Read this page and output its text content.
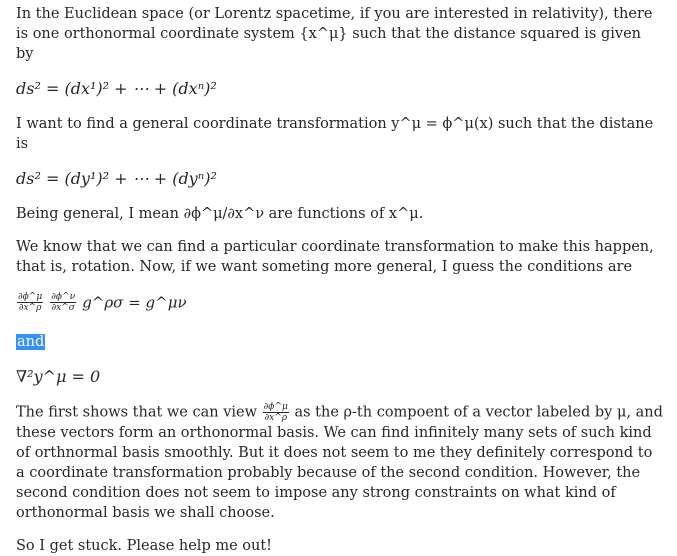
In the Euclidean space (or Lorentz spacetime, if you are interested in relativity), there is one orthonormal coordinate system {x^μ} such that the distance squared is given by

ds² = (dx¹)² + ⋯ + (dxⁿ)²

I want to find a general coordinate transformation y^μ = ϕ^μ(x) such that the distane is

ds² = (dy¹)² + ⋯ + (dyⁿ)²

Being general, I mean ∂ϕ^μ/∂x^ν are functions of x^μ.

We know that we can find a particular coordinate transformation to make this happen, that is, rotation. Now, if we want someting more general, I guess the conditions are

$\frac{\partial\phi\^{}\mu}{\partial x\^{}\rho}$
$\frac{\partial\phi\^{}\nu}{\partial x\^{}\sigma}$ g^ρσ = g^μν

and

∇²y^μ = 0

The first shows that we can view $\frac{\partial\phi\^{}\mu}{\partial x\^{}\rho}$ as the ρ-th compoent of a vector labeled by μ, and these vectors form an orthonormal basis. We can find infinitely many sets of such kind of orthnormal basis smoothly. But it does not seem to me they definitely correspond to a coordinate transformation probably because of the second condition. However, the second condition does not seem to impose any strong constraints on what kind of orthonormal basis we shall choose.

So I get stuck. Please help me out!
